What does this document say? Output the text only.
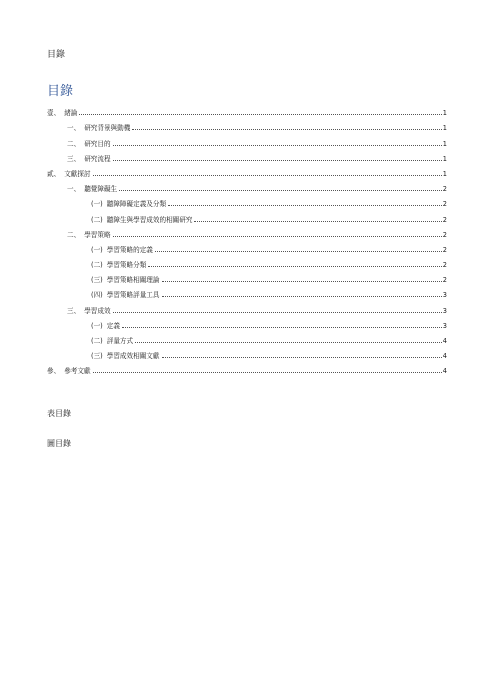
目錄
目錄
壹、 緒論	1
一、 研究背景與動機	1
二、 研究目的	1
三、 研究流程	1
貳、 文獻探討	1
一、 聽覺障礙生	2
(一) 聽障障礙定義及分類	2
(二) 聽障生與學習成效的相關研究	2
二、 學習策略	2
(一) 學習策略的定義	2
(二) 學習策略分類	2
(三) 學習策略相關理論	2
(四) 學習策略評量工具	3
三、 學習成效	3
(一) 定義	3
(二) 評量方式	4
(三) 學習成效相關文獻	4
參、 參考文獻	4
表目錄
圖目錄
